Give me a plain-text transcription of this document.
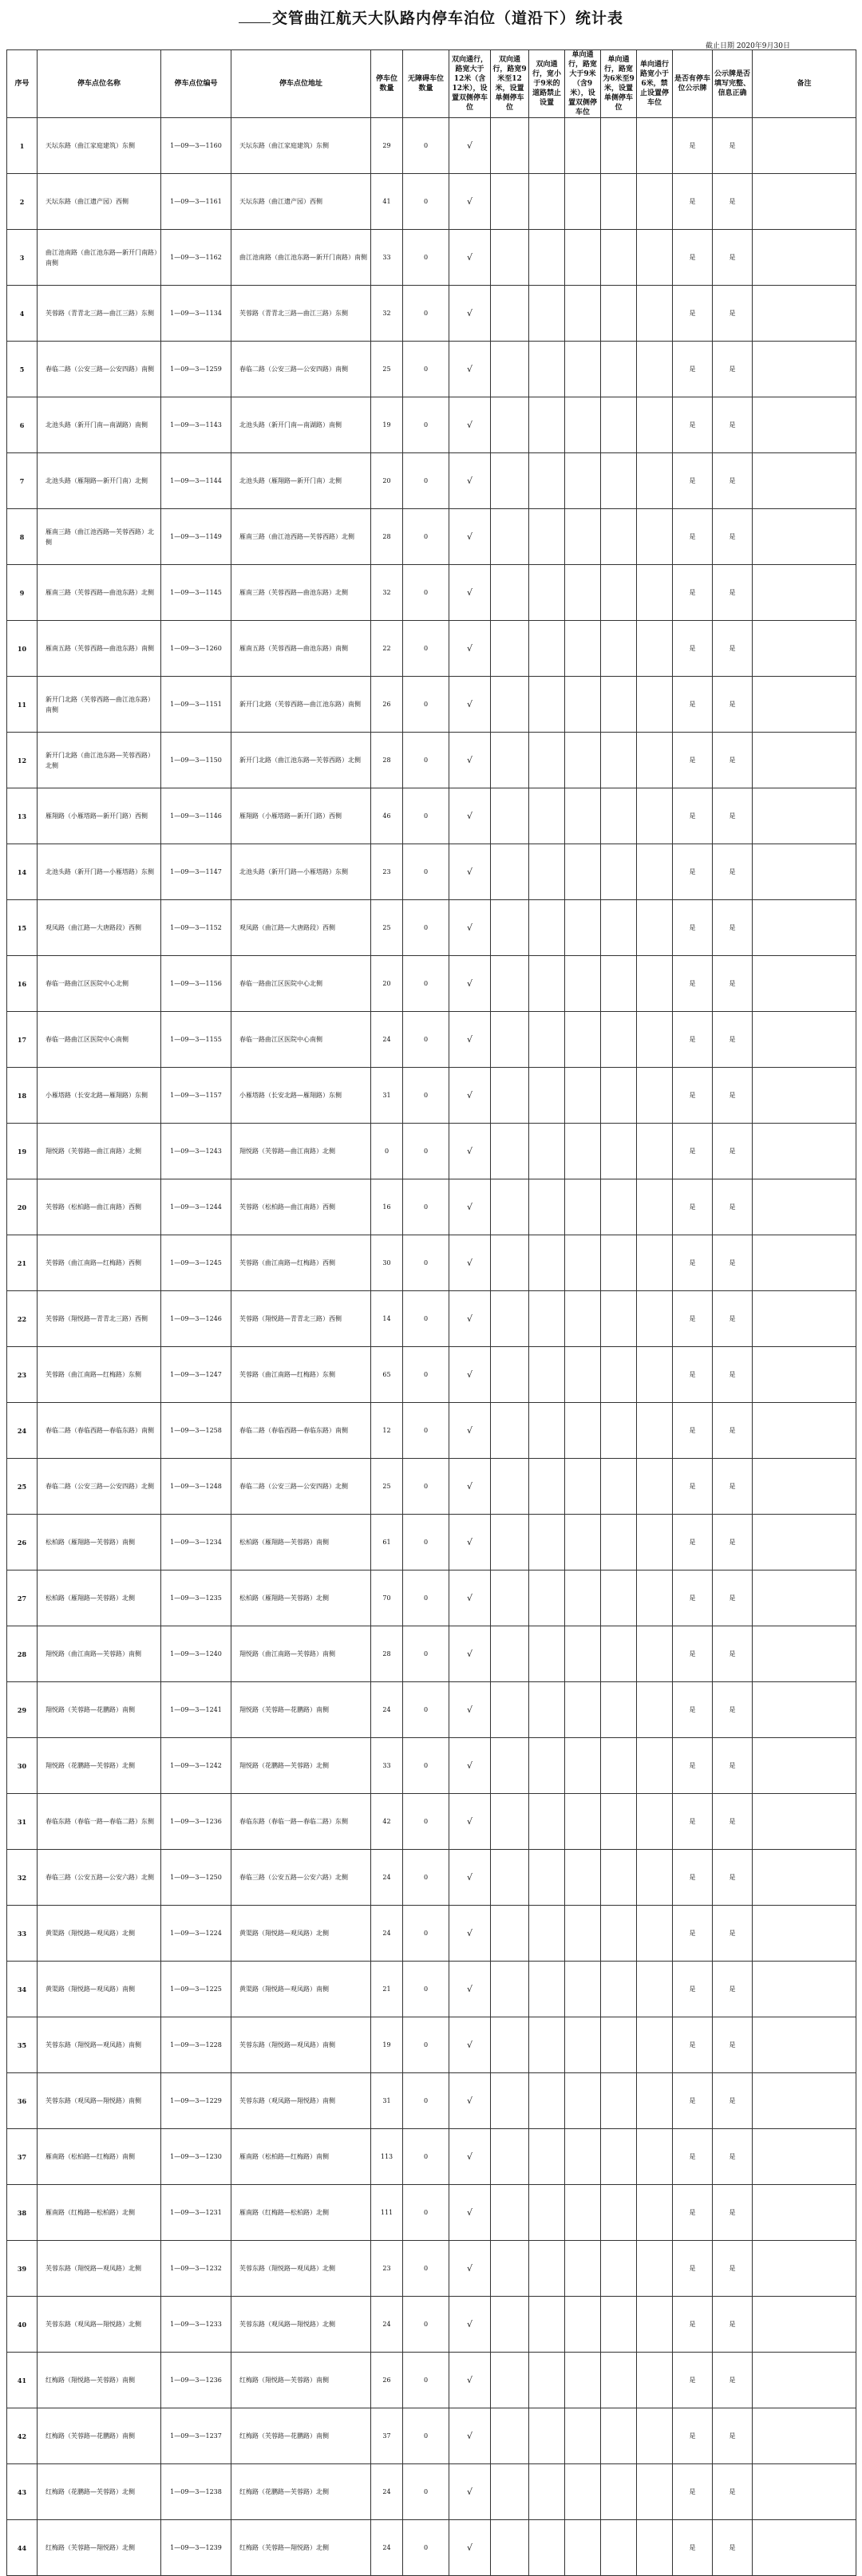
交管曲江航天大队路内停车泊位（道沿下）统计表
截止日期 2020年9月30日
序号	停车点位名称	停车点位编号	停车点位地址	停车位数量	无障碍车位数量	双向通行，路宽大于12米（含12米），设置双侧停车位	双向通行，路宽9米至12米，设置单侧停车位	双向通行，宽小于9米的道路禁止设置	单向通行，路宽大于9米（含9米），设置双侧停车位	单向通行，路宽为6米至9米，设置单侧停车位	单向通行路宽小于6米，禁止设置停车位	是否有停车位公示牌	公示牌是否填写完整、信息正确	备注
1	天坛东路（曲江家庭建筑）东侧	1—09—3—1160	天坛东路（曲江家庭建筑）东侧	29	0	√						是	是	
2	天坛东路（曲江遗产园）西侧	1—09—3—1161	天坛东路（曲江遗产园）西侧	41	0	√						是	是	
3	曲江池南路（曲江池东路—新开门南路）南侧	1—09—3—1162	曲江池南路（曲江池东路—新开门南路）南侧	33	0	√						是	是	
4	芙蓉路（青青北三路—曲江三路）东侧	1—09—3—1134	芙蓉路（青青北三路—曲江三路）东侧	32	0	√						是	是	
5	春临二路（公安三路—公安四路）南侧	1—09—3—1259	春临二路（公安三路—公安四路）南侧	25	0	√						是	是	
6	北池头路（新开门南—南湖路）南侧	1—09—3—1143	北池头路（新开门南—南湖路）南侧	19	0	√						是	是	
7	北池头路（雁翔路—新开门南）北侧	1—09—3—1144	北池头路（雁翔路—新开门南）北侧	20	0	√						是	是	
8	雁南三路（曲江池西路—芙蓉西路）北侧	1—09—3—1149	雁南三路（曲江池西路—芙蓉西路）北侧	28	0	√						是	是	
9	雁南三路（芙蓉西路—曲池东路）北侧	1—09—3—1145	雁南三路（芙蓉西路—曲池东路）北侧	32	0	√						是	是	
10	雁南五路（芙蓉西路—曲池东路）南侧	1—09—3—1260	雁南五路（芙蓉西路—曲池东路）南侧	22	0	√						是	是	
11	新开门北路（芙蓉西路—曲江池东路）南侧	1—09—3—1151	新开门北路（芙蓉西路—曲江池东路）南侧	26	0	√						是	是	
12	新开门北路（曲江池东路—芙蓉西路）北侧	1—09—3—1150	新开门北路（曲江池东路—芙蓉西路）北侧	28	0	√						是	是	
13	雁翔路（小雁塔路—新开门路）西侧	1—09—3—1146	雁翔路（小雁塔路—新开门路）西侧	46	0	√						是	是	
14	北池头路（新开门路—小雁塔路）东侧	1—09—3—1147	北池头路（新开门路—小雁塔路）东侧	23	0	√						是	是	
15	观凤路（曲江路—大唐路段）西侧	1—09—3—1152	观凤路（曲江路—大唐路段）西侧	25	0	√						是	是	
16	春临一路曲江区医院中心北侧	1—09—3—1156	春临一路曲江区医院中心北侧	20	0	√						是	是	
17	春临一路曲江区医院中心南侧	1—09—3—1155	春临一路曲江区医院中心南侧	24	0	√						是	是	
18	小雁塔路（长安北路—雁翔路）东侧	1—09—3—1157	小雁塔路（长安北路—雁翔路）东侧	31	0	√						是	是	
19	翔悦路（芙蓉路—曲江南路）北侧	1—09—3—1243	翔悦路（芙蓉路—曲江南路）北侧	0	0	√						是	是	
20	芙蓉路（松柏路—曲江南路）西侧	1—09—3—1244	芙蓉路（松柏路—曲江南路）西侧	16	0	√						是	是	
21	芙蓉路（曲江南路—红梅路）西侧	1—09—3—1245	芙蓉路（曲江南路—红梅路）西侧	30	0	√						是	是	
22	芙蓉路（翔悦路—青青北三路）西侧	1—09—3—1246	芙蓉路（翔悦路—青青北三路）西侧	14	0	√						是	是	
23	芙蓉路（曲江南路—红梅路）东侧	1—09—3—1247	芙蓉路（曲江南路—红梅路）东侧	65	0	√						是	是	
24	春临二路（春临西路—春临东路）南侧	1—09—3—1258	春临二路（春临西路—春临东路）南侧	12	0	√						是	是	
25	春临二路（公安三路—公安四路）北侧	1—09—3—1248	春临二路（公安三路—公安四路）北侧	25	0	√						是	是	
26	松柏路（雁翔路—芙蓉路）南侧	1—09—3—1234	松柏路（雁翔路—芙蓉路）南侧	61	0	√						是	是	
27	松柏路（雁翔路—芙蓉路）北侧	1—09—3—1235	松柏路（雁翔路—芙蓉路）北侧	70	0	√						是	是	
28	翔悦路（曲江南路—芙蓉路）南侧	1—09—3—1240	翔悦路（曲江南路—芙蓉路）南侧	28	0	√						是	是	
29	翔悦路（芙蓉路—花鹏路）南侧	1—09—3—1241	翔悦路（芙蓉路—花鹏路）南侧	24	0	√						是	是	
30	翔悦路（花鹏路—芙蓉路）北侧	1—09—3—1242	翔悦路（花鹏路—芙蓉路）北侧	33	0	√						是	是	
31	春临东路（春临一路—春临二路）东侧	1—09—3—1236	春临东路（春临一路—春临二路）东侧	42	0	√						是	是	
32	春临三路（公安五路—公安六路）北侧	1—09—3—1250	春临三路（公安五路—公安六路）北侧	24	0	√						是	是	
33	黄渠路（翔悦路—观凤路）北侧	1—09—3—1224	黄渠路（翔悦路—观凤路）北侧	24	0	√						是	是	
34	黄渠路（翔悦路—观凤路）南侧	1—09—3—1225	黄渠路（翔悦路—观凤路）南侧	21	0	√						是	是	
35	芙蓉东路（翔悦路—观凤路）南侧	1—09—3—1228	芙蓉东路（翔悦路—观凤路）南侧	19	0	√						是	是	
36	芙蓉东路（观凤路—翔悦路）南侧	1—09—3—1229	芙蓉东路（观凤路—翔悦路）南侧	31	0	√						是	是	
37	雁南路（松柏路—红梅路）南侧	1—09—3—1230	雁南路（松柏路—红梅路）南侧	113	0	√						是	是	
38	雁南路（红梅路—松柏路）北侧	1—09—3—1231	雁南路（红梅路—松柏路）北侧	111	0	√						是	是	
39	芙蓉东路（翔悦路—观凤路）北侧	1—09—3—1232	芙蓉东路（翔悦路—观凤路）北侧	23	0	√						是	是	
40	芙蓉东路（观凤路—翔悦路）北侧	1—09—3—1233	芙蓉东路（观凤路—翔悦路）北侧	24	0	√						是	是	
41	红梅路（翔悦路—芙蓉路）南侧	1—09—3—1236	红梅路（翔悦路—芙蓉路）南侧	26	0	√						是	是	
42	红梅路（芙蓉路—花鹏路）南侧	1—09—3—1237	红梅路（芙蓉路—花鹏路）南侧	37	0	√						是	是	
43	红梅路（花鹏路—芙蓉路）北侧	1—09—3—1238	红梅路（花鹏路—芙蓉路）北侧	24	0	√						是	是	
44	红梅路（芙蓉路—翔悦路）北侧	1—09—3—1239	红梅路（芙蓉路—翔悦路）北侧	24	0	√						是	是	
